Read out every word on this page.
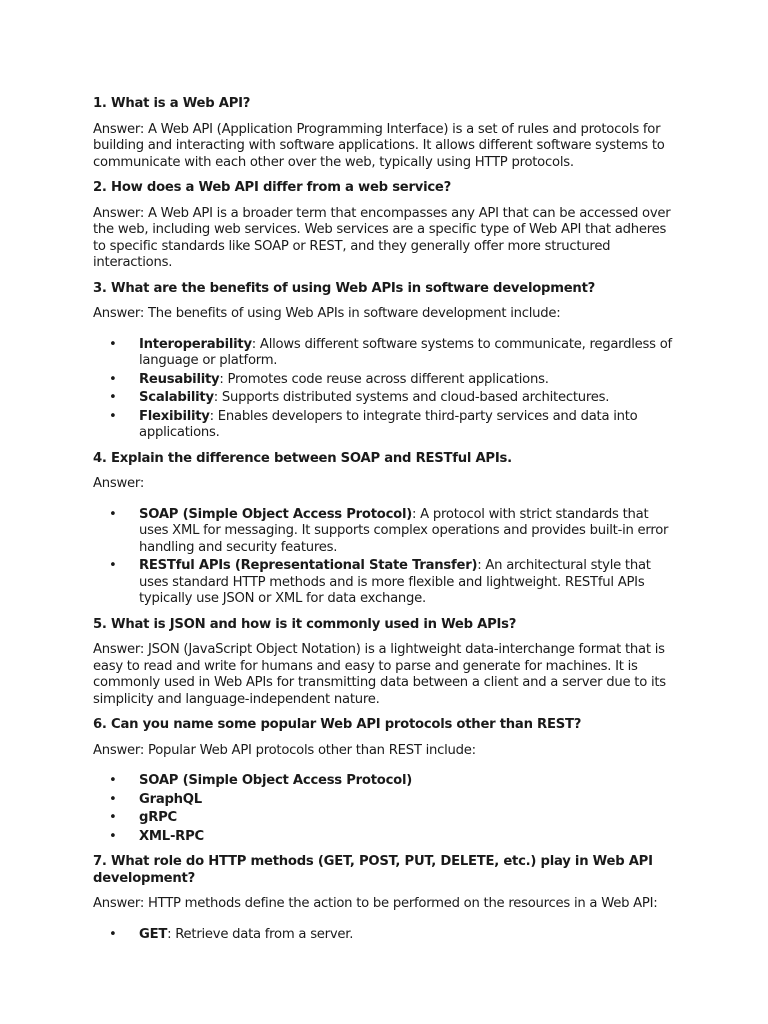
1. What is a Web API?
Answer: A Web API (Application Programming Interface) is a set of rules and protocols for building and interacting with software applications. It allows different software systems to communicate with each other over the web, typically using HTTP protocols.
2. How does a Web API differ from a web service?
Answer: A Web API is a broader term that encompasses any API that can be accessed over the web, including web services. Web services are a specific type of Web API that adheres to specific standards like SOAP or REST, and they generally offer more structured interactions.
3. What are the benefits of using Web APIs in software development?
Answer: The benefits of using Web APIs in software development include:
• Interoperability: Allows different software systems to communicate, regardless of language or platform.
• Reusability: Promotes code reuse across different applications.
• Scalability: Supports distributed systems and cloud-based architectures.
• Flexibility: Enables developers to integrate third-party services and data into applications.
4. Explain the difference between SOAP and RESTful APIs.
Answer:
• SOAP (Simple Object Access Protocol): A protocol with strict standards that uses XML for messaging. It supports complex operations and provides built-in error handling and security features.
• RESTful APIs (Representational State Transfer): An architectural style that uses standard HTTP methods and is more flexible and lightweight. RESTful APIs typically use JSON or XML for data exchange.
5. What is JSON and how is it commonly used in Web APIs?
Answer: JSON (JavaScript Object Notation) is a lightweight data-interchange format that is easy to read and write for humans and easy to parse and generate for machines. It is commonly used in Web APIs for transmitting data between a client and a server due to its simplicity and language-independent nature.
6. Can you name some popular Web API protocols other than REST?
Answer: Popular Web API protocols other than REST include:
• SOAP (Simple Object Access Protocol)
• GraphQL
• gRPC
• XML-RPC
7. What role do HTTP methods (GET, POST, PUT, DELETE, etc.) play in Web API development?
Answer: HTTP methods define the action to be performed on the resources in a Web API:
• GET: Retrieve data from a server.
